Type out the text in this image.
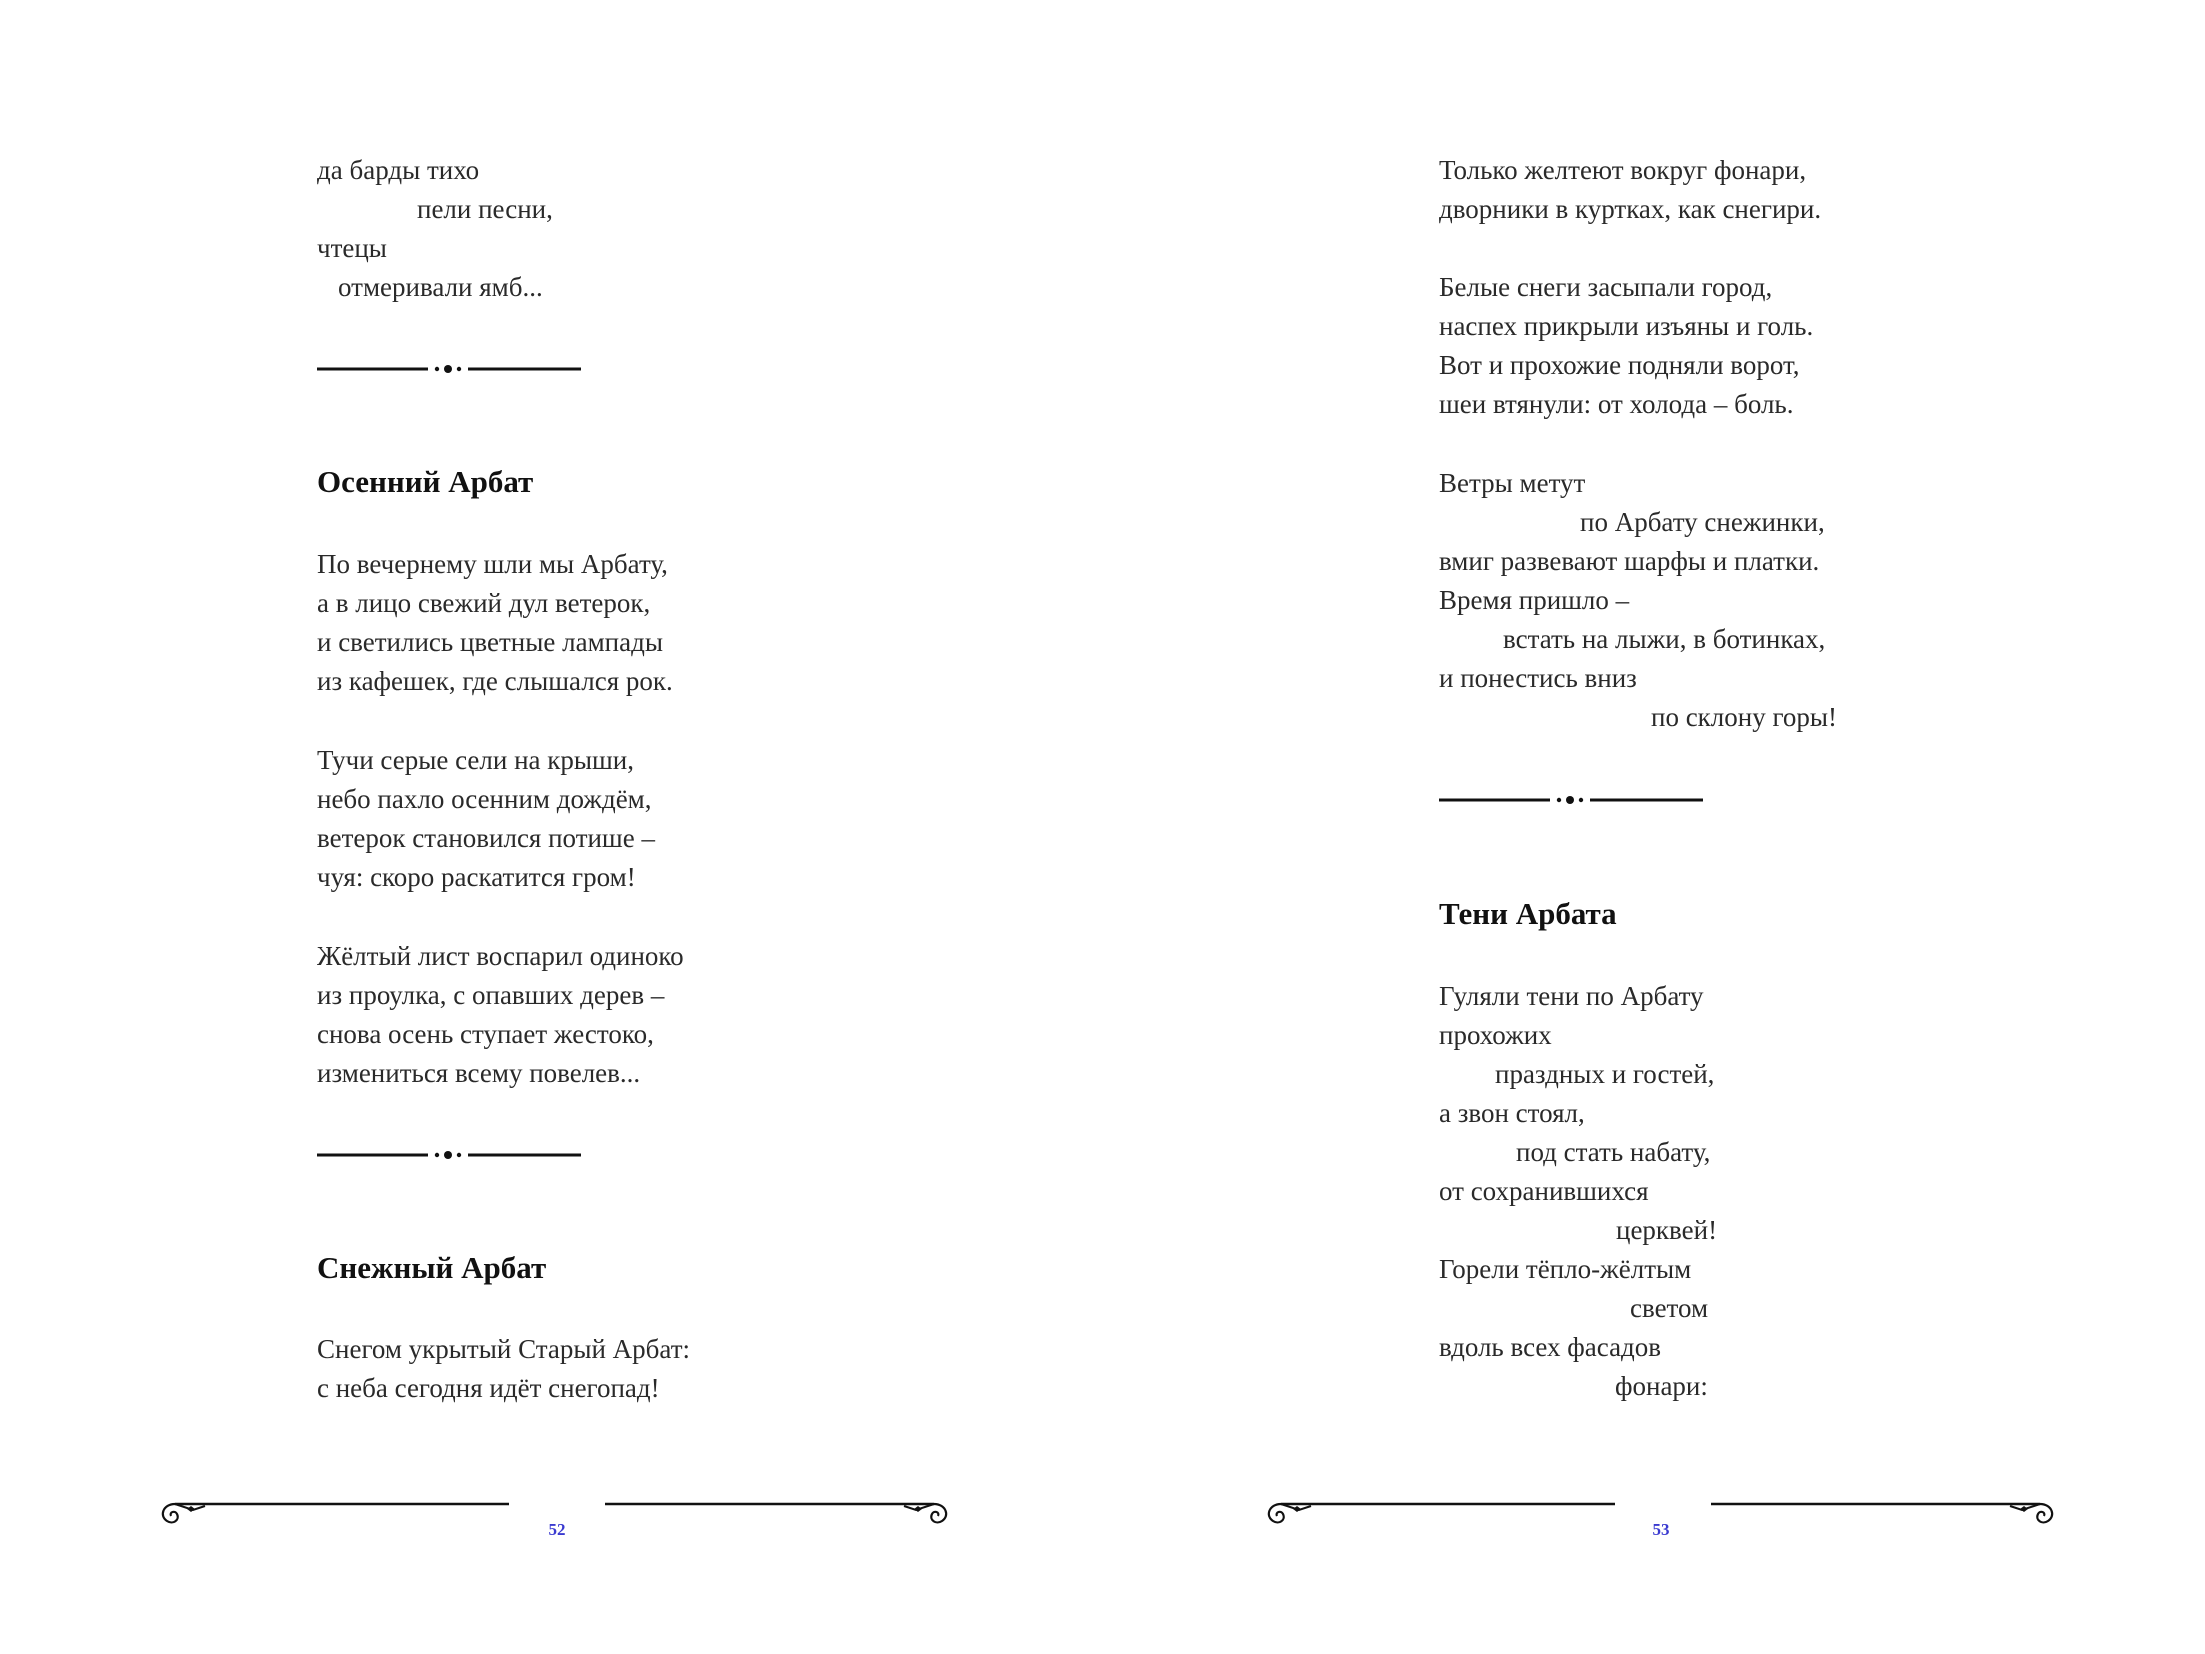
да барды тихо
пели песни,
чтецы
отмеривали ямб...
Осенний Арбат
По вечернему шли мы Арбату,
а в лицо свежий дул ветерок,
и светились цветные лампады
из кафешек, где слышался рок.
Тучи серые сели на крыши,
небо пахло осенним дождём,
ветерок становился потише –
чуя: скоро раскатится гром!
Жёлтый лист воспарил одиноко
из проулка, с опавших дерев –
снова осень ступает жестоко,
измениться всему повелев...
Снежный Арбат
Снегом укрытый Старый Арбат:
с неба сегодня идёт снегопад!
52
Только желтеют вокруг фонари,
дворники в куртках, как снегири.
Белые снеги засыпали город,
наспех прикрыли изъяны и голь.
Вот и прохожие подняли ворот,
шеи втянули: от холода – боль.
Ветры метут
по Арбату снежинки,
вмиг развевают шарфы и платки.
Время пришло –
встать на лыжи, в ботинках,
и понестись вниз
по склону горы!
Тени Арбата
Гуляли тени по Арбату
прохожих
праздных и гостей,
а звон стоял,
под стать набату,
от сохранившихся
церквей!
Горели тёпло-жёлтым
светом
вдоль всех фасадов
фонари:
53
